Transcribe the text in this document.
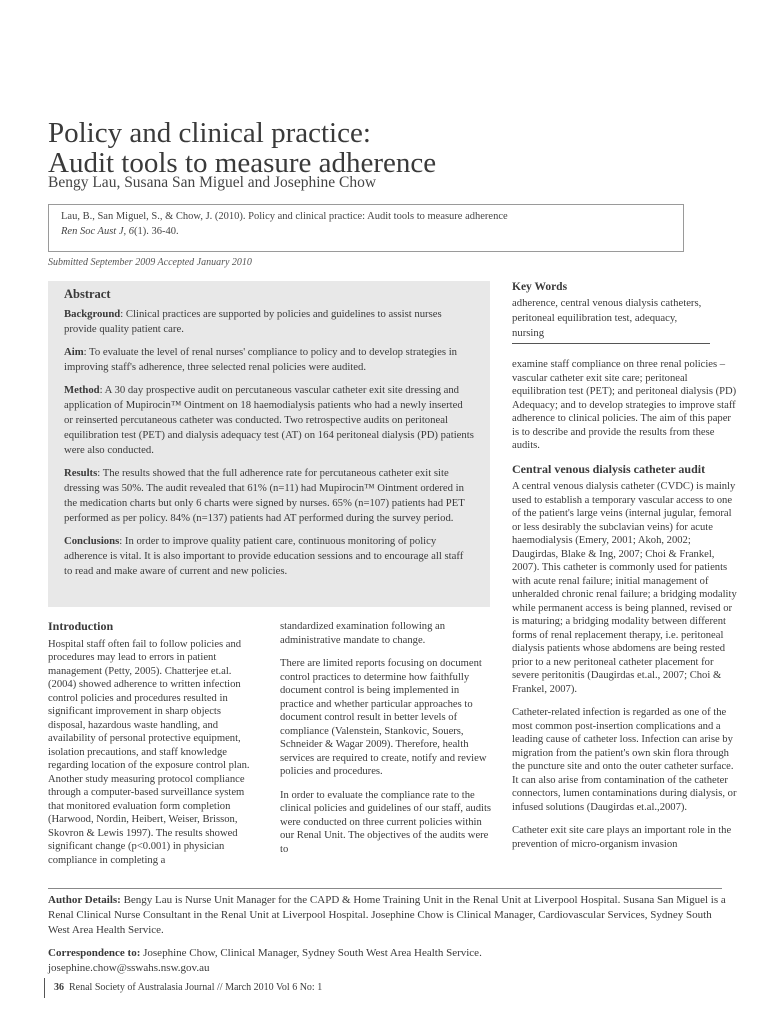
Policy and clinical practice:
Audit tools to measure adherence
Bengy Lau, Susana San Miguel and Josephine Chow
Lau, B., San Miguel, S., & Chow, J. (2010). Policy and clinical practice: Audit tools to measure adherence
Ren Soc Aust J, 6(1). 36-40.
Submitted September 2009 Accepted January 2010
Abstract

Background: Clinical practices are supported by policies and guidelines to assist nurses provide quality patient care.

Aim: To evaluate the level of renal nurses' compliance to policy and to develop strategies in improving staff's adherence, three selected renal policies were audited.

Method: A 30 day prospective audit on percutaneous vascular catheter exit site dressing and application of Mupirocin™ Ointment on 18 haemodialysis patients who had a newly inserted or reinserted percutaneous catheter was conducted. Two retrospective audits on peritoneal equilibration test (PET) and dialysis adequacy test (AT) on 164 peritoneal dialysis (PD) patients were also conducted.

Results: The results showed that the full adherence rate for percutaneous catheter exit site dressing was 50%. The audit revealed that 61% (n=11) had Mupirocin™ Ointment ordered in the medication charts but only 6 charts were signed by nurses. 65% (n=107) patients had PET performed as per policy. 84% (n=137) patients had AT performed during the survey period.

Conclusions: In order to improve quality patient care, continuous monitoring of policy adherence is vital. It is also important to provide education sessions and to encourage all staff to read and make aware of current and new policies.

Key Words
adherence, central venous dialysis catheters, peritoneal equilibration test, adequacy, nursing
Introduction

Hospital staff often fail to follow policies and procedures may lead to errors in patient management (Petty, 2005). Chatterjee et.al. (2004) showed adherence to written infection control policies and procedures resulted in significant improvement in sharp objects disposal, hazardous waste handling, and availability of personal protective equipment, isolation precautions, and staff knowledge regarding location of the exposure control plan. Another study measuring protocol compliance through a computer-based surveillance system that monitored evaluation form completion (Harwood, Nordin, Heibert, Weiser, Brisson, Skovron & Lewis 1997). The results showed significant change (p<0.001) in physician compliance in completing a

standardized examination following an administrative mandate to change.

There are limited reports focusing on document control practices to determine how faithfully document control is being implemented in practice and whether particular approaches to document control result in better levels of compliance (Valenstein, Stankovic, Souers, Schneider & Wagar 2009). Therefore, health services are required to create, notify and review policies and procedures.

In order to evaluate the compliance rate to the clinical policies and guidelines of our staff, audits were conducted on three current policies within our Renal Unit. The objectives of the audits were to

examine staff compliance on three renal policies – vascular catheter exit site care; peritoneal equilibration test (PET); and peritoneal dialysis (PD) Adequacy; and to develop strategies to improve staff adherence to clinical policies. The aim of this paper is to describe and provide the results from these audits.

Central venous dialysis catheter audit

A central venous dialysis catheter (CVDC) is mainly used to establish a temporary vascular access to one of the patient's large veins (internal jugular, femoral or less desirably the subclavian veins) for acute haemodialysis (Emery, 2001; Akoh, 2002; Daugirdas, Blake & Ing, 2007; Choi & Frankel, 2007). This catheter is commonly used for patients with acute renal failure; initial management of unheralded chronic renal failure; a bridging modality while permanent access is being planned, revised or is maturing; a bridging modality between different forms of renal replacement therapy, i.e. peritoneal dialysis patients whose abdomens are being rested prior to a new peritoneal catheter placement for severe peritonitis (Daugirdas et.al., 2007; Choi & Frankel, 2007).

Catheter-related infection is regarded as one of the most common post-insertion complications and a leading cause of catheter loss. Infection can arise by migration from the patient's own skin flora through the puncture site and onto the outer catheter surface. It can also arise from contamination of the catheter connectors, lumen contaminations during dialysis, or infused solutions (Daugirdas et.al.,2007).

Catheter exit site care plays an important role in the prevention of micro-organism invasion

Author Details: Bengy Lau is Nurse Unit Manager for the CAPD & Home Training Unit in the Renal Unit at Liverpool Hospital. Susana San Miguel is a Renal Clinical Nurse Consultant in the Renal Unit at Liverpool Hospital. Josephine Chow is Clinical Manager, Cardiovascular Services, Sydney South West Area Health Service.
Correspondence to: Josephine Chow, Clinical Manager, Sydney South West Area Health Service.
josephine.chow@sswahs.nsw.gov.au
36 Renal Society of Australasia Journal // March 2010 Vol 6 No: 1
